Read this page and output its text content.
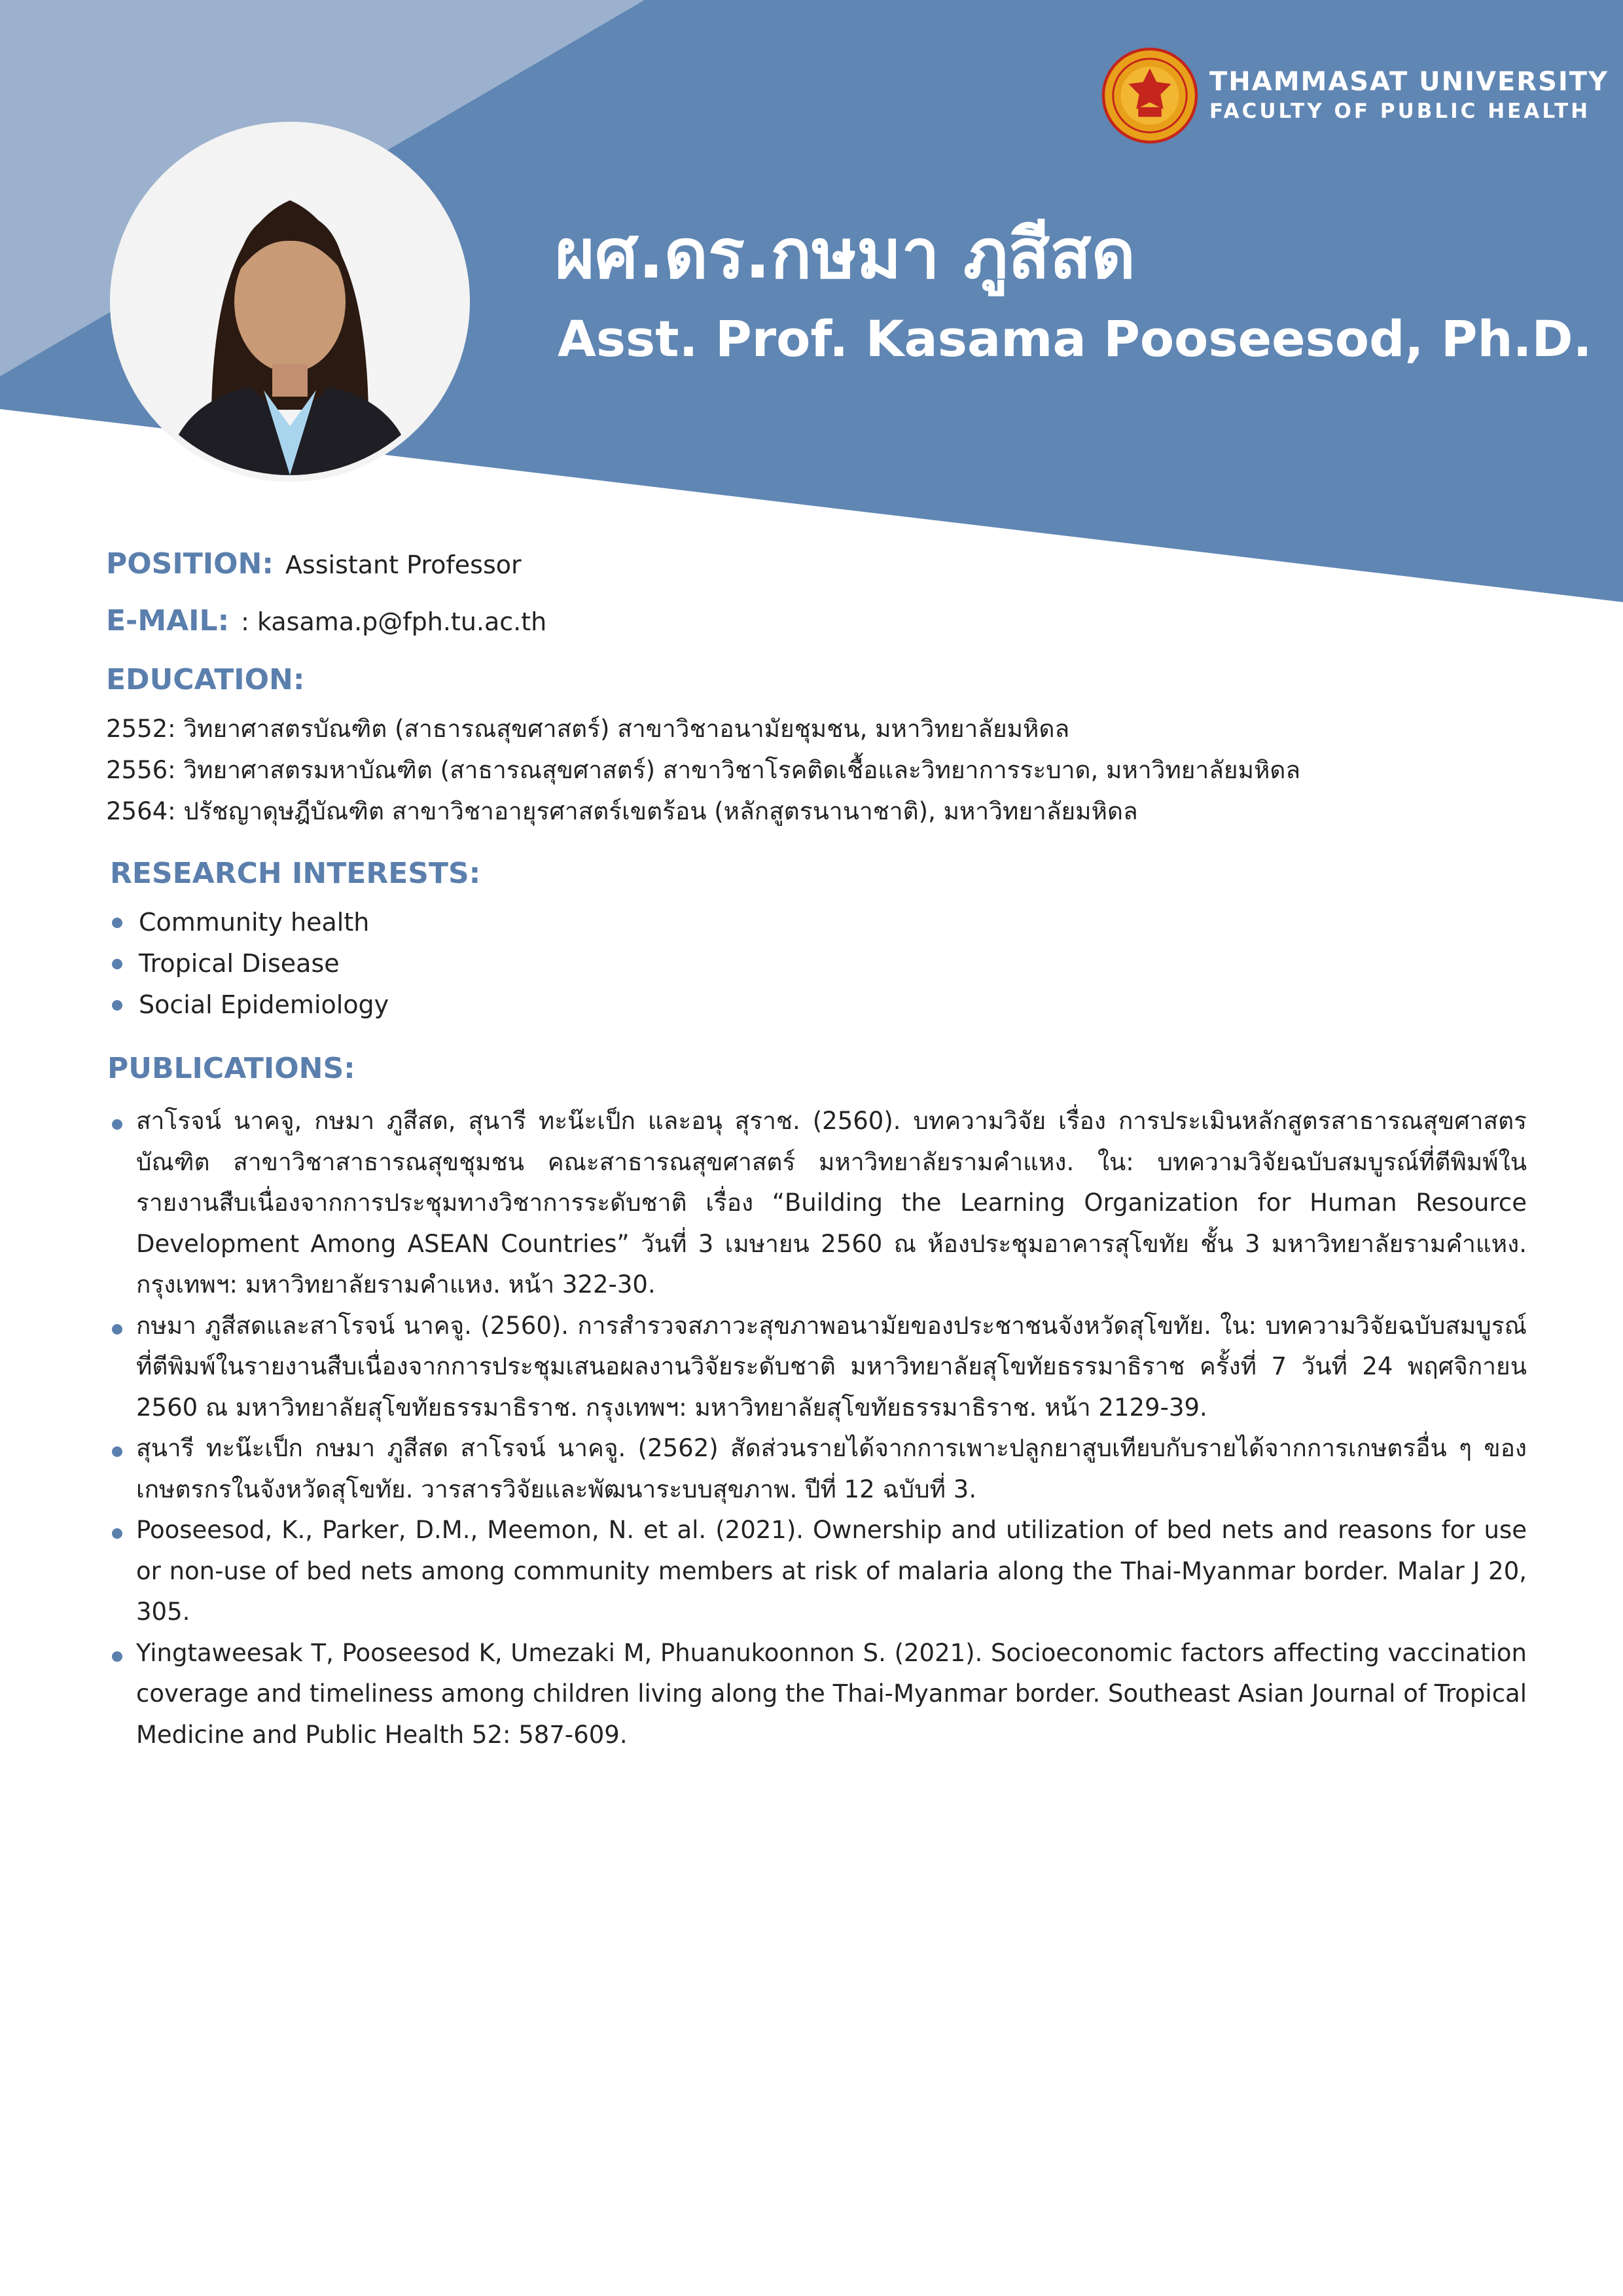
THAMMASAT UNIVERSITY
FACULTY OF PUBLIC HEALTH
ผศ.ดร.กษมา ภูสีสด
Asst. Prof. Kasama Pooseesod, Ph.D.
POSITION: Assistant Professor
E-MAIL: : kasama.p@fph.tu.ac.th
EDUCATION:
2552: วิทยาศาสตรบัณฑิต (สาธารณสุขศาสตร์) สาขาวิชาอนามัยชุมชน, มหาวิทยาลัยมหิดล
2556: วิทยาศาสตรมหาบัณฑิต (สาธารณสุขศาสตร์) สาขาวิชาโรคติดเชื้อและวิทยาการระบาด, มหาวิทยาลัยมหิดล
2564: ปรัชญาดุษฎีบัณฑิต สาขาวิชาอายุรศาสตร์เขตร้อน (หลักสูตรนานาชาติ), มหาวิทยาลัยมหิดล
RESEARCH INTERESTS:
Community health
Tropical Disease
Social Epidemiology
PUBLICATIONS:
สาโรจน์ นาคจู, กษมา ภูสีสด, สุนารี ทะน๊ะเป็ก และอนุ สุราช. (2560). บทความวิจัย เรื่อง การประเมินหลักสูตรสาธารณสุขศาสตรบัณฑิต สาขาวิชาสาธารณสุขชุมชน คณะสาธารณสุขศาสตร์ มหาวิทยาลัยรามคำแหง. ใน: บทความวิจัยฉบับสมบูรณ์ที่ตีพิมพ์ในรายงานสืบเนื่องจากการประชุมทางวิชาการระดับชาติ เรื่อง “Building the Learning Organization for Human Resource Development Among ASEAN Countries” วันที่ 3 เมษายน 2560 ณ ห้องประชุมอาคารสุโขทัย ชั้น 3 มหาวิทยาลัยรามคำแหง. กรุงเทพฯ: มหาวิทยาลัยรามคำแหง. หน้า 322-30.
กษมา ภูสีสดและสาโรจน์ นาคจู. (2560). การสำรวจสภาวะสุขภาพอนามัยของประชาชนจังหวัดสุโขทัย. ใน: บทความวิจัยฉบับสมบูรณ์ที่ตีพิมพ์ในรายงานสืบเนื่องจากการประชุมเสนอผลงานวิจัยระดับชาติ มหาวิทยาลัยสุโขทัยธรรมาธิราช ครั้งที่ 7 วันที่ 24 พฤศจิกายน 2560 ณ มหาวิทยาลัยสุโขทัยธรรมาธิราช. กรุงเทพฯ: มหาวิทยาลัยสุโขทัยธรรมาธิราช. หน้า 2129-39.
สุนารี ทะน๊ะเป็ก กษมา ภูสีสด สาโรจน์ นาคจู. (2562) สัดส่วนรายได้จากการเพาะปลูกยาสูบเทียบกับรายได้จากการเกษตรอื่น ๆ ของเกษตรกรในจังหวัดสุโขทัย. วารสารวิจัยและพัฒนาระบบสุขภาพ. ปีที่ 12 ฉบับที่ 3.
Pooseesod, K., Parker, D.M., Meemon, N. et al. (2021). Ownership and utilization of bed nets and reasons for use or non-use of bed nets among community members at risk of malaria along the Thai-Myanmar border. Malar J 20, 305.
Yingtaweesak T, Pooseesod K, Umezaki M, Phuanukoonnon S. (2021). Socioeconomic factors affecting vaccination coverage and timeliness among children living along the Thai-Myanmar border. Southeast Asian Journal of Tropical Medicine and Public Health 52: 587-609.
